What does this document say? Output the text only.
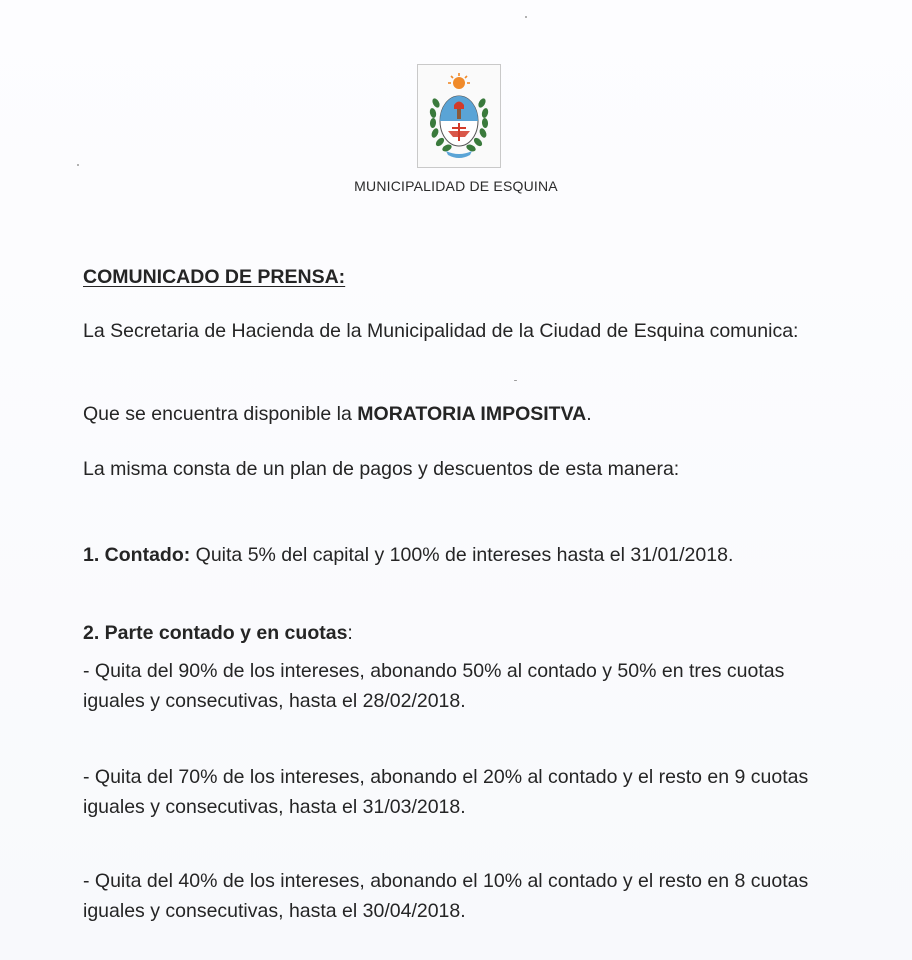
MUNICIPALIDAD DE ESQUINA
COMUNICADO DE PRENSA:
La Secretaria de Hacienda de la Municipalidad de la Ciudad de Esquina comunica:
Que se encuentra disponible la MORATORIA IMPOSITVA.
La misma consta de un plan de pagos y descuentos de esta manera:
1. Contado: Quita 5% del capital y 100% de intereses hasta el 31/01/2018.
2. Parte contado y en cuotas:
- Quita del 90% de los intereses, abonando 50% al contado y 50% en tres cuotas iguales y consecutivas, hasta el 28/02/2018.
- Quita del 70% de los intereses, abonando el 20% al contado y el resto en 9 cuotas iguales y consecutivas, hasta el 31/03/2018.
- Quita del 40% de los intereses, abonando el 10% al contado y el resto en 8 cuotas iguales y consecutivas, hasta el 30/04/2018.
